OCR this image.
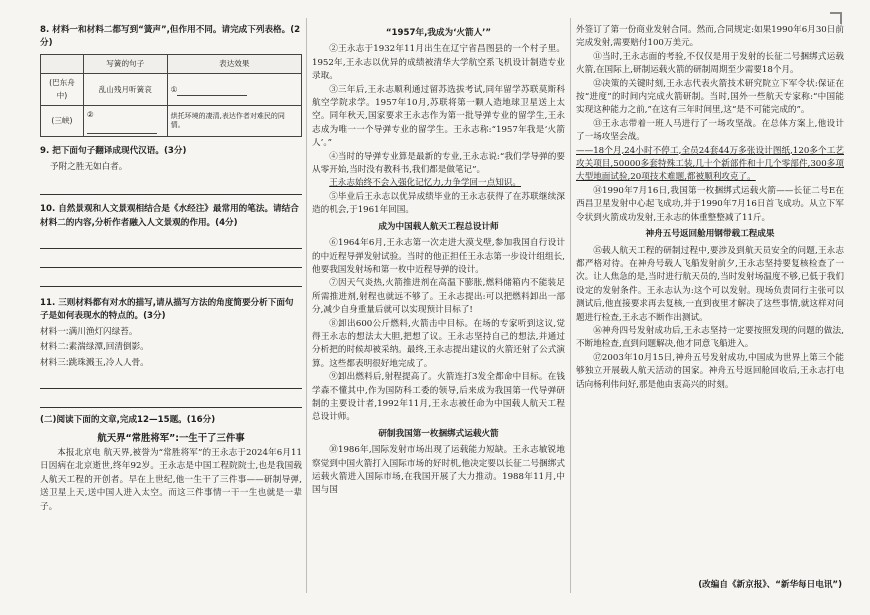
8. 材料一和材料二都写到“簧声”,但作用不同。请完成下列表格。(2分)

	写簧的句子	表达效果
(巴东舟中)	乱山残月听簧哀	①
(三峡)	②	烘托环境的凄清,表达作者对难民的同情。

9. 把下面句子翻译成现代汉语。(3分)

予附之胜无如白者。

10. 自然景观和人文景观相结合是《水经注》最常用的笔法。请结合材料二的内容,分析作者融入人文景观的作用。(4分)

11. 三则材料都有对水的描写,请从描写方法的角度简要分析下面句子是如何表现水的特点的。(3分)

材料一:满川渔灯闪绿苔。

材料二:素湍绿潭,回清倒影。

材料三:跳珠溅玉,冷人人骨。

(二)阅读下面的文章,完成12—15题。(16分)

航天界“常胜将军”:一生干了三件事

本报北京电 航天界,被誉为“常胜将军”的王永志于2024年6月11日因病在北京逝世,终年92岁。王永志是中国工程院院士,也是我国载人航天工程的开创者。早在上世纪,他一生干了三件事——研制导弹,送卫星上天,送中国人进入太空。而这三件事情一干一生也就是一辈子。

“1957年,我成为‘火箭人’”

②王永志于1932年11月出生在辽宁省昌图县的一个村子里。1952年,王永志以优异的成绩被清华大学航空系飞机设计制造专业录取。

③三年后,王永志顺利通过留苏选拔考试,同年留学苏联莫斯科航空学院求学。1957年10月,苏联将第一颗人造地球卫星送上太空。同年秋天,国家要求王永志作为第一批导弹专业的留学生,王永志成为唯一一个导弹专业的留学生。王永志称:“1957年我是‘火箭人’。”

④当时的导弹专业算是最新的专业,王永志说:“我们学导弹的要从零开始,当时没有教科书,我们都是做笔记”。

王永志始终不会入强化记忆力,力争学回一点知识。

⑤毕业后王永志以优异成绩毕业的王永志获得了在苏联继续深造的机会,于1961年回国。

成为中国载人航天工程总设计师

⑥1964年6月,王永志第一次走进大漠戈壁,参加我国自行设计的中近程导弹发射试验。当时的他正担任王永志第一步设计组组长,他要我国发射场和第一枚中近程导弹的设计。

⑦因天气炎热,火箭推进剂在高温下膨胀,燃料储箱内不能装足所需推进剂,射程也就远不够了。王永志提出:可以把燃料卸出一部分,减少自身重量后就可以实现预计目标了!

⑧卸出600公斤燃料,火箭击中目标。在场的专家听到这议,觉得王永志的想法太大胆,把想了议。王永志坚持自己的想法,并通过分析把的时候却被采纳。最终,王永志提出建议的火箭还射了公式演算。这些都表明很好地完成了。

⑨卸出燃料后,射程提高了。火箭连打3发全都命中目标。在钱学森不懂其中,作为国防科工委的领导,后来成为我国第一代导弹研制的主要设计者,1992年11月,王永志被任命为中国载人航天工程总设计师。

研制我国第一枚捆绑式运载火箭

⑩1986年,国际发射市场出现了运载能力短缺。王永志敏锐地察觉到中国火箭打入国际市场的好时机,他决定要以长征二号捆绑式运载火箭进入国际市场,在我国开展了大力推动。1988年11月,中国与国

外签订了第一份商业发射合同。然而,合同规定:如果1990年6月30日前完成发射,需要赔付100万美元。

⑪当时,王永志面的考验,不仅仅是用于发射的长征二号捆绑式运载火箭,在国际上,研制运载火箭的研制周期至少需要18个月。

⑫决策的关键时刻,王永志代表火箭技术研究院立下军令状:保证在按“进度”的时间内完成火箭研制。当时,国外一些航天专家称:“中国能实现这种能力之前,”在这有三年时间里,这“是不可能完成的”。

⑬王永志带着一班人马进行了一场攻坚战。在总体方案上,他设计了一场攻坚会战。

——18个月,24小时不停工,全员24套44万多张设计图纸,120多个工艺攻关项目,50000多套特殊工装,几十个新部件和十几个零部件,300多项大型地面试验,20项技术难题,都被顺利攻克了。

⑭1990年7月16日,我国第一枚捆绑式运载火箭——长征二号E在西昌卫星发射中心起飞成功,并于1990年7月16日首飞成功。从立下军令状到火箭成功发射,王永志的体重整整减了11斤。

神舟五号返回舱用钢带载工程成果

⑮载人航天工程的研制过程中,要涉及到航天员安全的问题,王永志都严格对待。在神舟号载人飞船发射前夕,王永志坚持要复核检查了一次。让人焦急的是,当时进行航天员的,当时发射场温度不够,已低于我们设定的发射条件。王永志认为:这个可以发射。现场负责同行主张可以测试后,他直接要求再去复核,一直到夜里才解决了这些事情,就这样对问题进行检查,王永志不断作出测试。

⑯神舟四号发射成功后,王永志坚持一定要按照发现的问题的做法,不断地检查,直到问题解决,他才同意飞船进入。

⑰2003年10月15日,神舟五号发射成功,中国成为世界上第三个能够独立开展载人航天活动的国家。神舟五号返回舱回收后,王永志打电话向杨利伟问好,那是他由衷高兴的时刻。

(改编自《新京报》、“新华每日电讯”)
